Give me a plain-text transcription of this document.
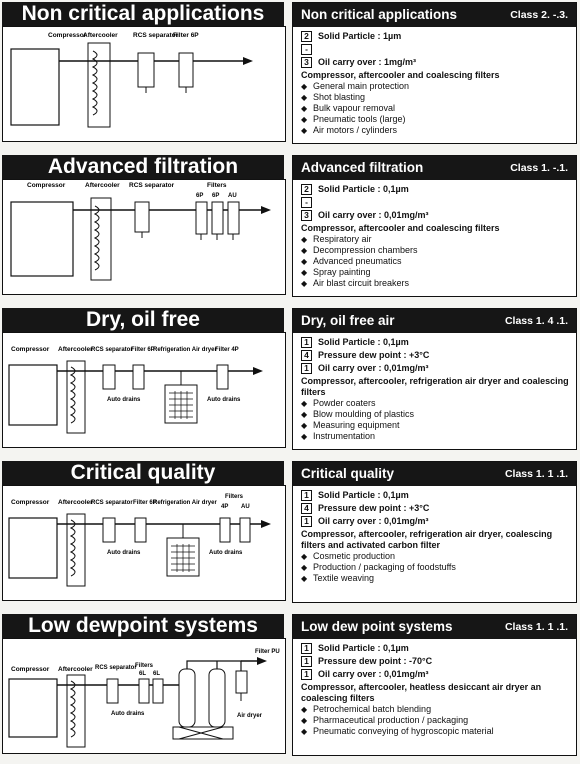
Non critical applications
Compressor
Aftercooler RCS separator
Filter 6P
Non critical applications	Class 2. -.3.
2	Solid Particle : 1µm
-
3	Oil carry over : 1mg/m³
Compressor, aftercooler and coalescing filters
◆ General main protection
◆ Shot blasting
◆ Bulk vapour removal
◆ Pneumatic tools (large)
◆ Air motors / cylinders
Advanced filtration
Compressor	Aftercooler RCS separator	Filters
6P 6P AU
Advanced filtration	Class 1. -.1.
2	Solid Particle : 0,1µm
-
3	Oil carry over : 0,01mg/m³
Compressor, aftercooler and coalescing filters
◆ Respiratory air
◆ Decompression chambers
◆ Advanced pneumatics
◆ Spray painting
◆ Air blast circuit breakers
Dry, oil free
Compressor Aftercooler
RCS separator
Filter 6P
Refrigeration Air dryer
Filter 4P
Auto drains	Auto drains
Dry, oil free air	Class 1. 4 .1.
1	Solid Particle : 0,1µm
4	Pressure dew point : +3°C
1	Oil carry over : 0,01mg/m³
Compressor, aftercooler, refrigeration air dryer and coalescing filters
◆ Powder coaters
◆ Blow moulding of plastics
◆ Measuring equipment
◆ Instrumentation
Critical quality
Compressor Aftercooler
RCS separator Filter 6P
Refrigeration Air dryer
Filters
4P AU
Auto drains	Auto drains
Critical quality	Class 1. 1 .1.
1	Solid Particle : 0,1µm
4	Pressure dew point : +3°C
1	Oil carry over : 0,01mg/m³
Compressor, aftercooler, refrigeration air dryer, coalescing filters and activated carbon filter
◆ Cosmetic production
◆ Production / packaging of foodstuffs
◆ Textile weaving
Low dewpoint systems
Compressor Aftercooler RCS separator
Filters
6L 6L
Filter PU
Air dryer
Auto drains
Low dew point systems	Class 1. 1 .1.
1	Solid Particle : 0,1µm
1	Pressure dew point : -70°C
1	Oil carry over : 0,01mg/m³
Compressor, aftercooler, heatless desiccant air dryer an coalescing filters
◆ Petrochemical batch blending
◆ Pharmaceutical production / packaging
◆ Pneumatic conveying of hygroscopic material
